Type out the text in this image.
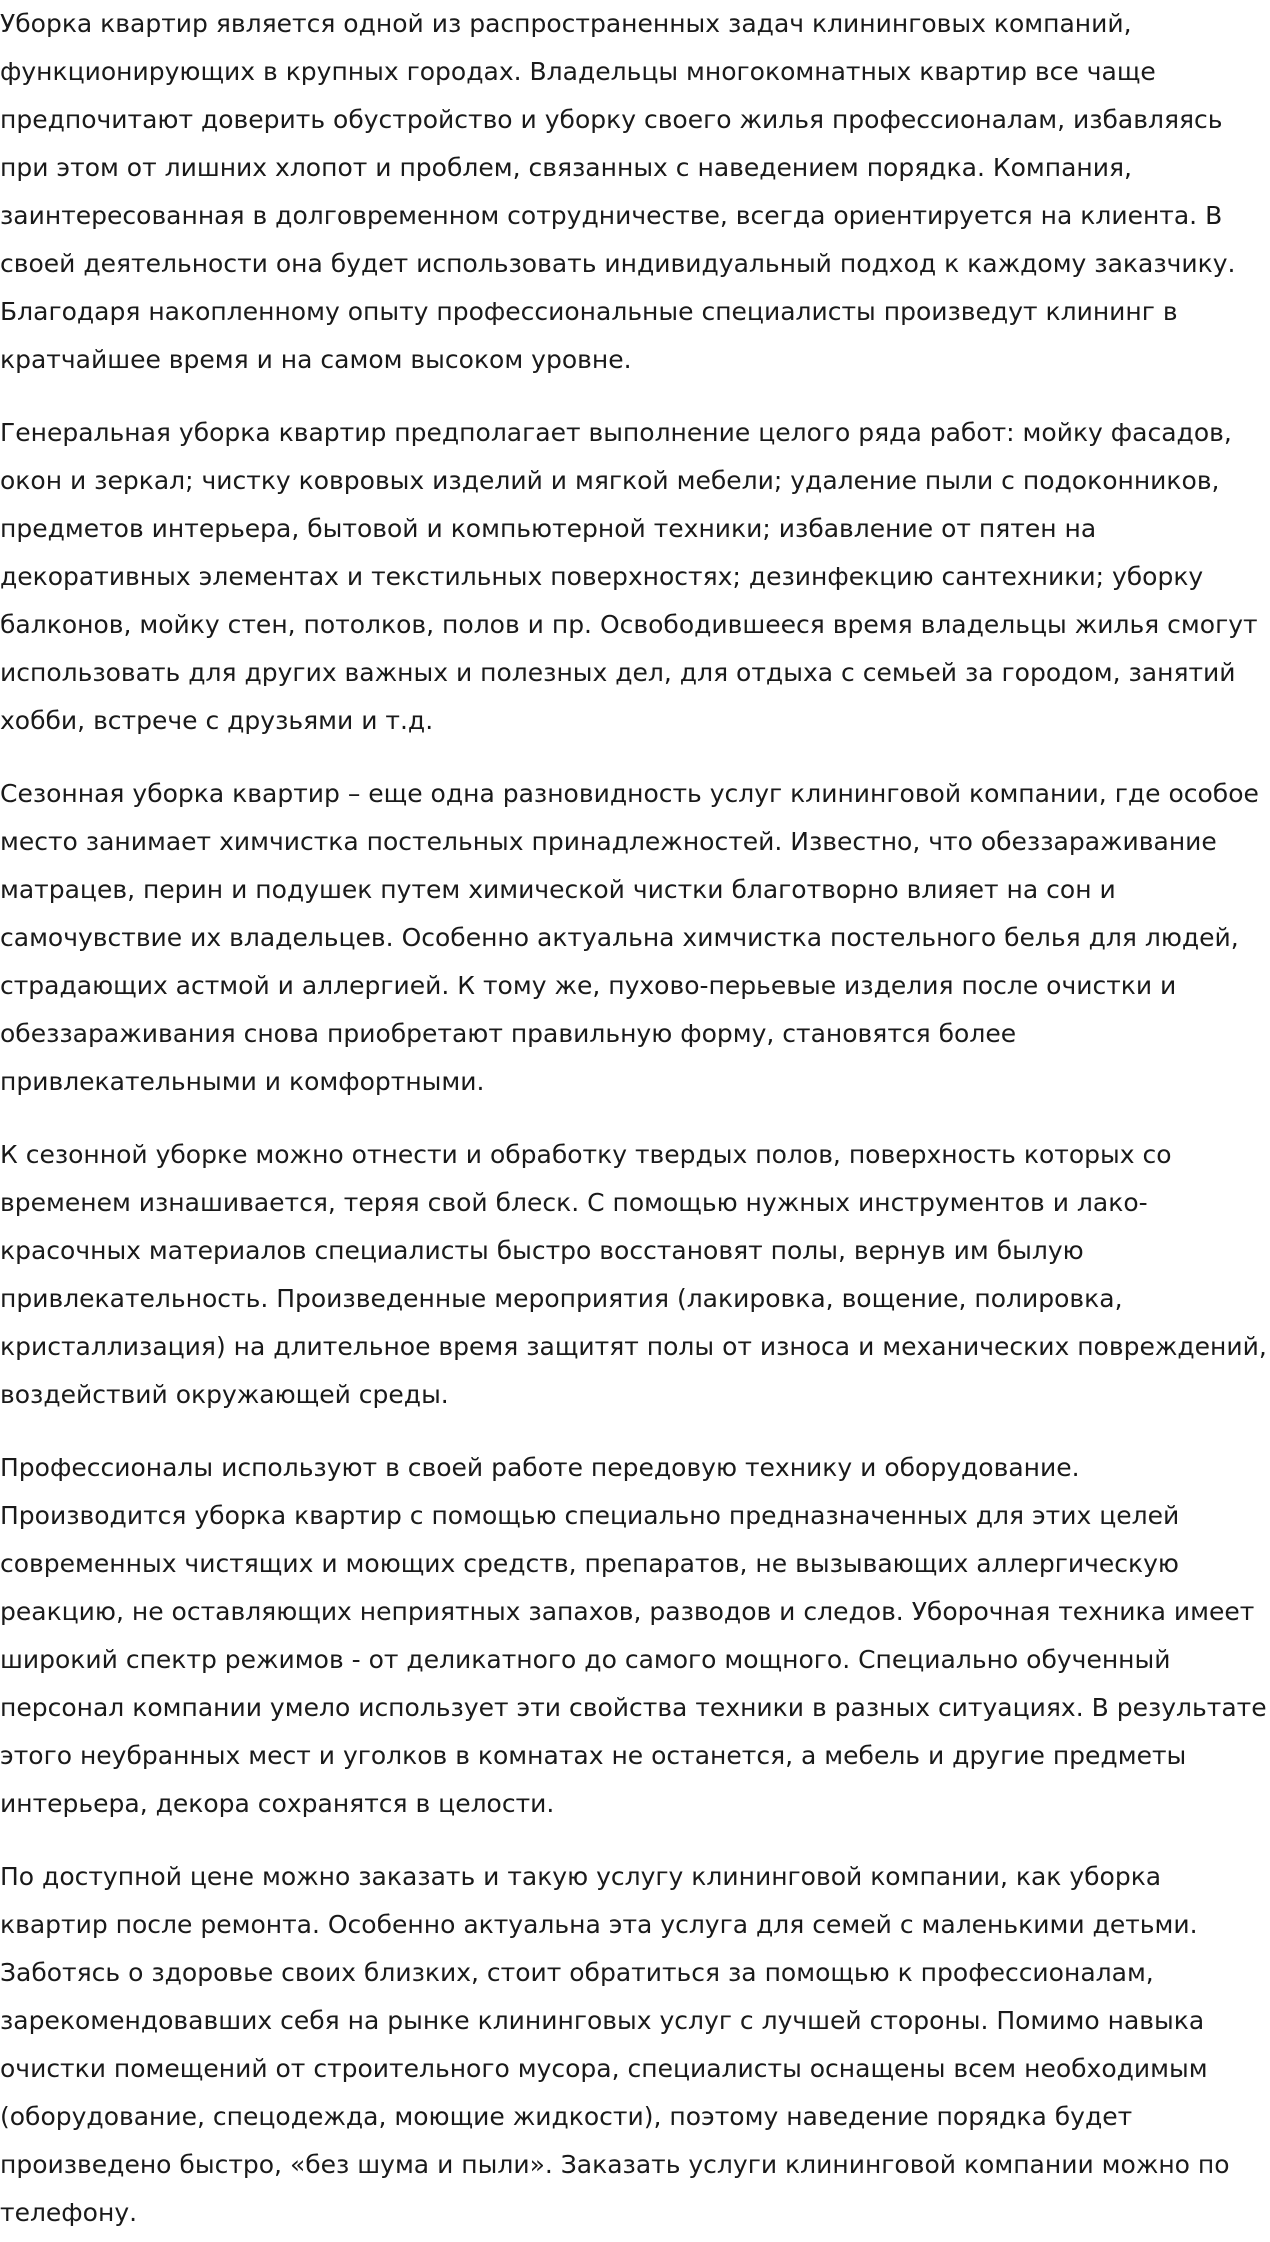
Уборка квартир является одной из распространенных задач клининговых компаний, функционирующих в крупных городах. Владельцы многокомнатных квартир все чаще предпочитают доверить обустройство и уборку своего жилья профессионалам, избавляясь при этом от лишних хлопот и проблем, связанных с наведением порядка. Компания, заинтересованная в долговременном сотрудничестве, всегда ориентируется на клиента. В своей деятельности она будет использовать индивидуальный подход к каждому заказчику. Благодаря накопленному опыту профессиональные специалисты произведут клининг в кратчайшее время и на самом высоком уровне.

Генеральная уборка квартир предполагает выполнение целого ряда работ: мойку фасадов, окон и зеркал; чистку ковровых изделий и мягкой мебели; удаление пыли с подоконников, предметов интерьера, бытовой и компьютерной техники; избавление от пятен на декоративных элементах и текстильных поверхностях; дезинфекцию сантехники; уборку балконов, мойку стен, потолков, полов и пр. Освободившееся время владельцы жилья смогут использовать для других важных и полезных дел, для отдыха с семьей за городом, занятий хобби, встрече с друзьями и т.д.

Сезонная уборка квартир – еще одна разновидность услуг клининговой компании, где особое место занимает химчистка постельных принадлежностей. Известно, что обеззараживание матрацев, перин и подушек путем химической чистки благотворно влияет на сон и самочувствие их владельцев. Особенно актуальна химчистка постельного белья для людей, страдающих астмой и аллергией. К тому же, пухово-перьевые изделия после очистки и обеззараживания снова приобретают правильную форму, становятся более привлекательными и комфортными.

К сезонной уборке можно отнести и обработку твердых полов, поверхность которых со временем изнашивается, теряя свой блеск. С помощью нужных инструментов и лако-красочных материалов специалисты быстро восстановят полы, вернув им былую привлекательность. Произведенные мероприятия (лакировка, вощение, полировка, кристаллизация) на длительное время защитят полы от износа и механических повреждений, воздействий окружающей среды.

Профессионалы используют в своей работе передовую технику и оборудование. Производится уборка квартир с помощью специально предназначенных для этих целей современных чистящих и моющих средств, препаратов, не вызывающих аллергическую реакцию, не оставляющих неприятных запахов, разводов и следов. Уборочная техника имеет широкий спектр режимов - от деликатного до самого мощного. Специально обученный персонал компании умело использует эти свойства техники в разных ситуациях. В результате этого неубранных мест и уголков в комнатах не останется, а мебель и другие предметы интерьера, декора сохранятся в целости.

По доступной цене можно заказать и такую услугу клининговой компании, как уборка квартир после ремонта. Особенно актуальна эта услуга для семей с маленькими детьми. Заботясь о здоровье своих близких, стоит обратиться за помощью к профессионалам, зарекомендовавших себя на рынке клининговых услуг с лучшей стороны. Помимо навыка очистки помещений от строительного мусора, специалисты оснащены всем необходимым (оборудование, спецодежда, моющие жидкости), поэтому наведение порядка будет произведено быстро, «без шума и пыли». Заказать услуги клининговой компании можно по телефону.
